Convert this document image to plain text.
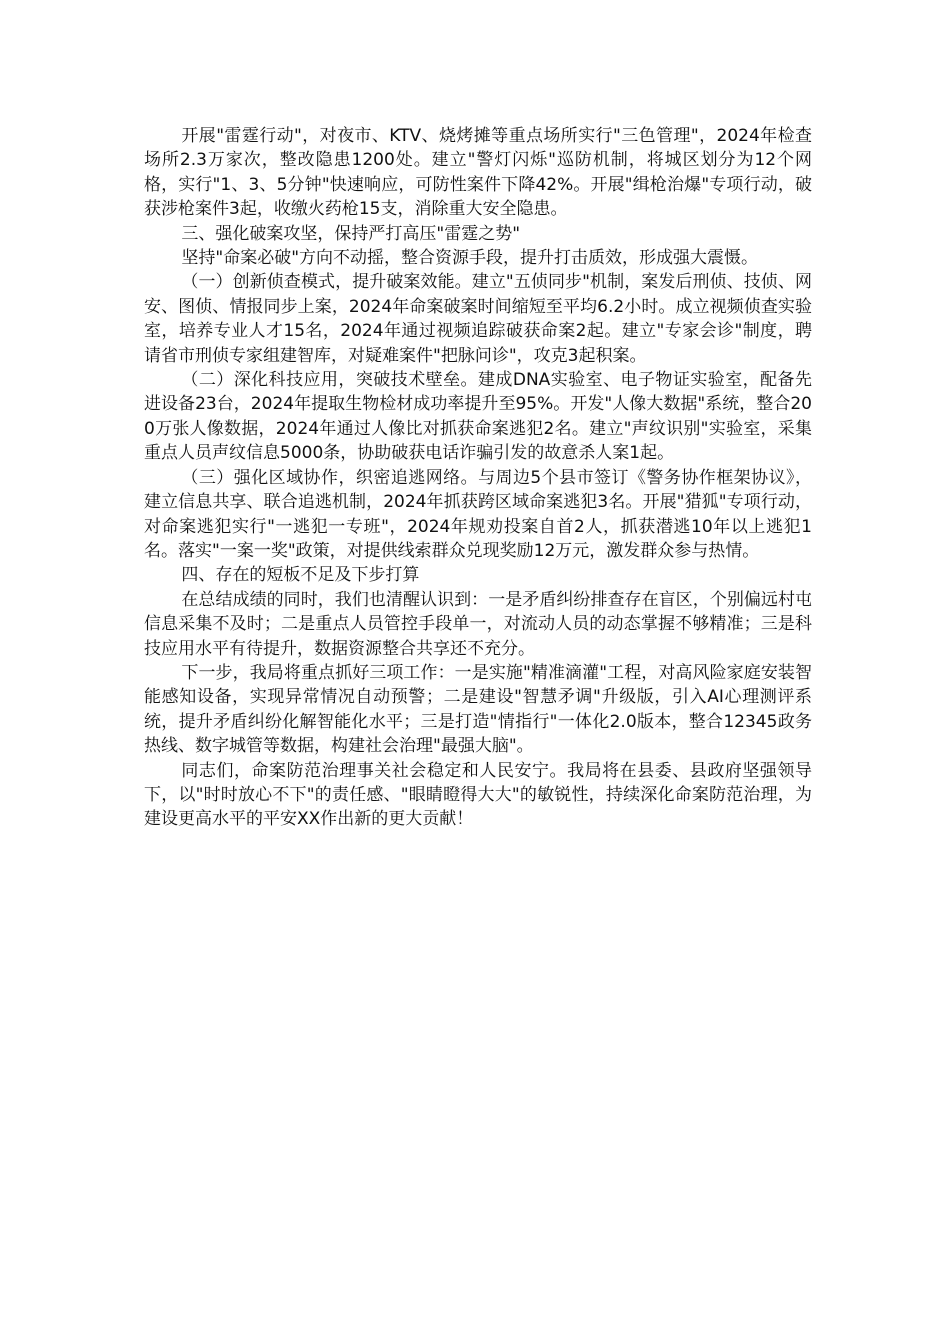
开展"雷霆行动"，对夜市、KTV、烧烤摊等重点场所实行"三色管理"，2024年检查场所2.3万家次，整改隐患1200处。建立"警灯闪烁"巡防机制，将城区划分为12个网格，实行"1、3、5分钟"快速响应，可防性案件下降42%。开展"缉枪治爆"专项行动，破获涉枪案件3起，收缴火药枪15支，消除重大安全隐患。

三、强化破案攻坚，保持严打高压"雷霆之势"

坚持"命案必破"方向不动摇，整合资源手段，提升打击质效，形成强大震慑。

（一）创新侦查模式，提升破案效能。建立"五侦同步"机制，案发后刑侦、技侦、网安、图侦、情报同步上案，2024年命案破案时间缩短至平均6.2小时。成立视频侦查实验室，培养专业人才15名，2024年通过视频追踪破获命案2起。建立"专家会诊"制度，聘请省市刑侦专家组建智库，对疑难案件"把脉问诊"，攻克3起积案。

（二）深化科技应用，突破技术壁垒。建成DNA实验室、电子物证实验室，配备先进设备23台，2024年提取生物检材成功率提升至95%。开发"人像大数据"系统，整合200万张人像数据，2024年通过人像比对抓获命案逃犯2名。建立"声纹识别"实验室，采集重点人员声纹信息5000条，协助破获电话诈骗引发的故意杀人案1起。

（三）强化区域协作，织密追逃网络。与周边5个县市签订《警务协作框架协议》，建立信息共享、联合追逃机制，2024年抓获跨区域命案逃犯3名。开展"猎狐"专项行动，对命案逃犯实行"一逃犯一专班"，2024年规劝投案自首2人，抓获潜逃10年以上逃犯1名。落实"一案一奖"政策，对提供线索群众兑现奖励12万元，激发群众参与热情。

四、存在的短板不足及下步打算

在总结成绩的同时，我们也清醒认识到：一是矛盾纠纷排查存在盲区，个别偏远村屯信息采集不及时；二是重点人员管控手段单一，对流动人员的动态掌握不够精准；三是科技应用水平有待提升，数据资源整合共享还不充分。

下一步，我局将重点抓好三项工作：一是实施"精准滴灌"工程，对高风险家庭安装智能感知设备，实现异常情况自动预警；二是建设"智慧矛调"升级版，引入AI心理测评系统，提升矛盾纠纷化解智能化水平；三是打造"情指行"一体化2.0版本，整合12345政务热线、数字城管等数据，构建社会治理"最强大脑"。

同志们，命案防范治理事关社会稳定和人民安宁。我局将在县委、县政府坚强领导下，以"时时放心不下"的责任感、"眼睛瞪得大大"的敏锐性，持续深化命案防范治理，为建设更高水平的平安XX作出新的更大贡献！
